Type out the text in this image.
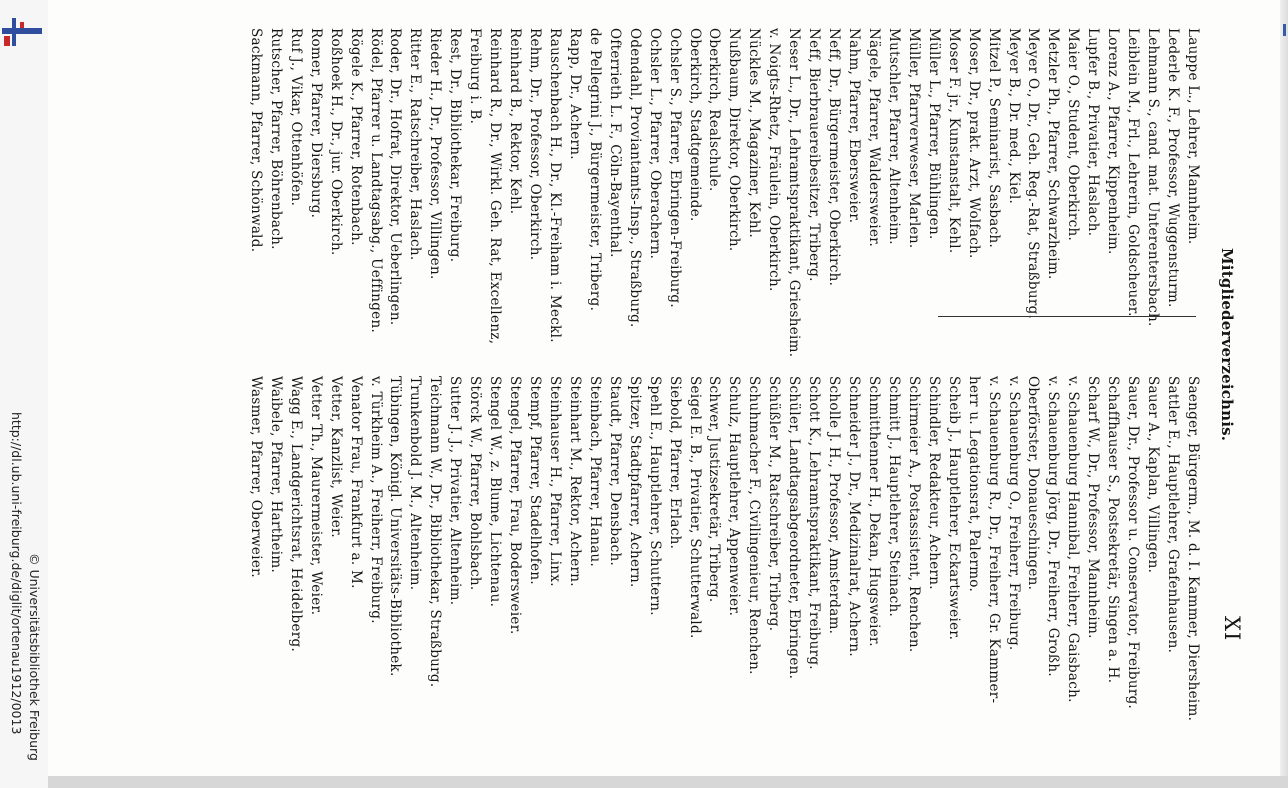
http://dl.ub.uni-freiburg.de/diglit/ortenau1912/0013 © Universitätsbibliothek Freiburg
Mitgliederverzeichnis.
XI
Lauppe L., Lehrer, Mannheim.
Lederle K. F., Professor, Wuggensturm.
Lehmann S., cand. mat. Unterentersbach.
Leiblein M., Frl., Lehrerin, Goldscheuer.
Lorenz A., Pfarrer, Kippenheim.
Lupfer B., Privatier, Haslach.
Maier O., Student, Oberkirch.
Metzler Ph., Pfarrer, Schwarzheim.
Meyer O., Dr., Geh. Reg.-Rat, Straßburg.
Meyer B., Dr. med., Kiel.
Mitzel P., Seminarist, Sasbach.
Moser, Dr., prakt. Arzt, Wolfach.
Moser F. jr., Kunstanstalt, Kehl.
Müller L., Pfarrer, Bühlingen.
Müller, Pfarrverweser, Marlen.
Mutschler, Pfarrer, Altenheim.
Nägele, Pfarrer, Waldersweier.
Nahm, Pfarrer, Ebersweier.
Neff, Dr., Bürgermeister, Oberkirch.
Neff, Bierbrauereibesitzer, Triberg.
Neser L., Dr., Lehramtspraktikant, Griesheim.
v. Noigts-Rhetz, Fräulein, Oberkirch.
Nückles M., Magaziner, Kehl.
Nußbaum, Direktor, Oberkirch.
Oberkirch, Realschule.
Oberkirch, Stadtgemeinde.
Ochsler S., Pfarrer, Ebringen-Freiburg.
Ochsler L., Pfarrer, Oberachern.
Odendahl, Proviantamts-Insp., Straßburg.
Ofterrieth L. F., Cöln-Bayenthal.
de Pellegrini J., Bürgermeister, Triberg.
Rapp, Dr., Achern.
Rauschenbach H., Dr., Kl.-Freiham i. Meckl.
Rehm, Dr., Professor, Oberkirch.
Reinhard B., Rektor, Kehl.
Reinhard R., Dr., Wirkl. Geh. Rat, Excellenz,
Freiburg i. B.
Rest, Dr., Bibliothekar, Freiburg.
Rieder H., Dr., Professor, Villingen.
Ritter E., Ratschreiber, Haslach.
Roder, Dr., Hofrat, Direktor, Ueberlingen.
Rödel, Pfarrer u. Landtagsabg., Ueffingen.
Rögele K., Pfarrer, Rotenbach.
Roßhoek H., Dr., jur. Oberkirch.
Romer, Pfarrer, Diersburg.
Ruf J., Vikar, Ottenhöfen.
Rutscher, Pfarrer, Böhrenbach.
Sackmann, Pfarrer, Schönwald.
Saenger, Bürgerm., M. d. I. Kammer, Diersheim.
Sattler E., Hauptlehrer, Grafenhausen.
Sauer A., Kaplan, Villingen.
Sauer, Dr., Professor u. Conservator, Freiburg.
Schaffhauser S., Postsekretär, Singen a. H.
Scharf W., Dr., Professor, Mannheim.
v. Schauenburg Hannibal, Freiherr, Gaisbach.
v. Schauenburg Jörg, Dr., Freiherr, Großh.
Oberförster, Donaueschingen.
v. Schauenburg O., Freiherr, Freiburg.
v. Schauenburg R., Dr., Freiherr, Gr. Kammer-
herr u. Legationsrat, Palermo.
Scheib J., Hauptlehrer, Eckartsweier.
Schindler, Redakteur, Achern.
Schirmeier A., Postassistent, Renchen.
Schmitt J., Hauptlehrer, Steinach.
Schmitthenner H., Dekan, Hugsweier.
Schneider J., Dr., Medizinalrat, Achern.
Scholle J. H., Professor, Amsterdam.
Schott K., Lehramtspraktikant, Freiburg.
Schüler, Landtagsabgeordneter, Ebringen.
Schüßler M., Ratschreiber, Triberg.
Schuhmacher F., Civilingenieur, Renchen.
Schulz, Hauptlehrer, Appenweier.
Schwer, Justizsekretär, Triberg.
Seigel E. B., Privatier, Schutterwald.
Siebold, Pfarrer, Erlach.
Spehl E., Hauptlehrer, Schuttern.
Spitzer, Stadtpfarrer, Achern.
Staudt, Pfarrer, Densbach.
Steinbach, Pfarrer, Hanau.
Steinhart M., Rektor, Achern.
Steinhauser H., Pfarrer, Linx.
Stempf, Pfarrer, Stadelhofen.
Stengel, Pfarrer, Frau, Bodersweier.
Stengel W., z. Blume, Lichtenau.
Störck W., Pfarrer, Bohlsbach.
Sutter J. J., Privatier, Altenheim.
Teichmann W., Dr., Bibliothekar, Straßburg.
Trunkenbold J. M., Altenheim.
Tübingen, Königl. Universitäts-Bibliothek.
v. Türkheim A., Freiherr, Freiburg.
Venator Frau, Frankfurt a. M.
Vetter, Kanzlist, Weier.
Vetter Th., Maurermeister, Weier.
Wagg E., Landgerichtsrat, Heidelberg.
Waibele, Pfarrer, Hartheim.
Wasmer, Pfarrer, Oberweier.
